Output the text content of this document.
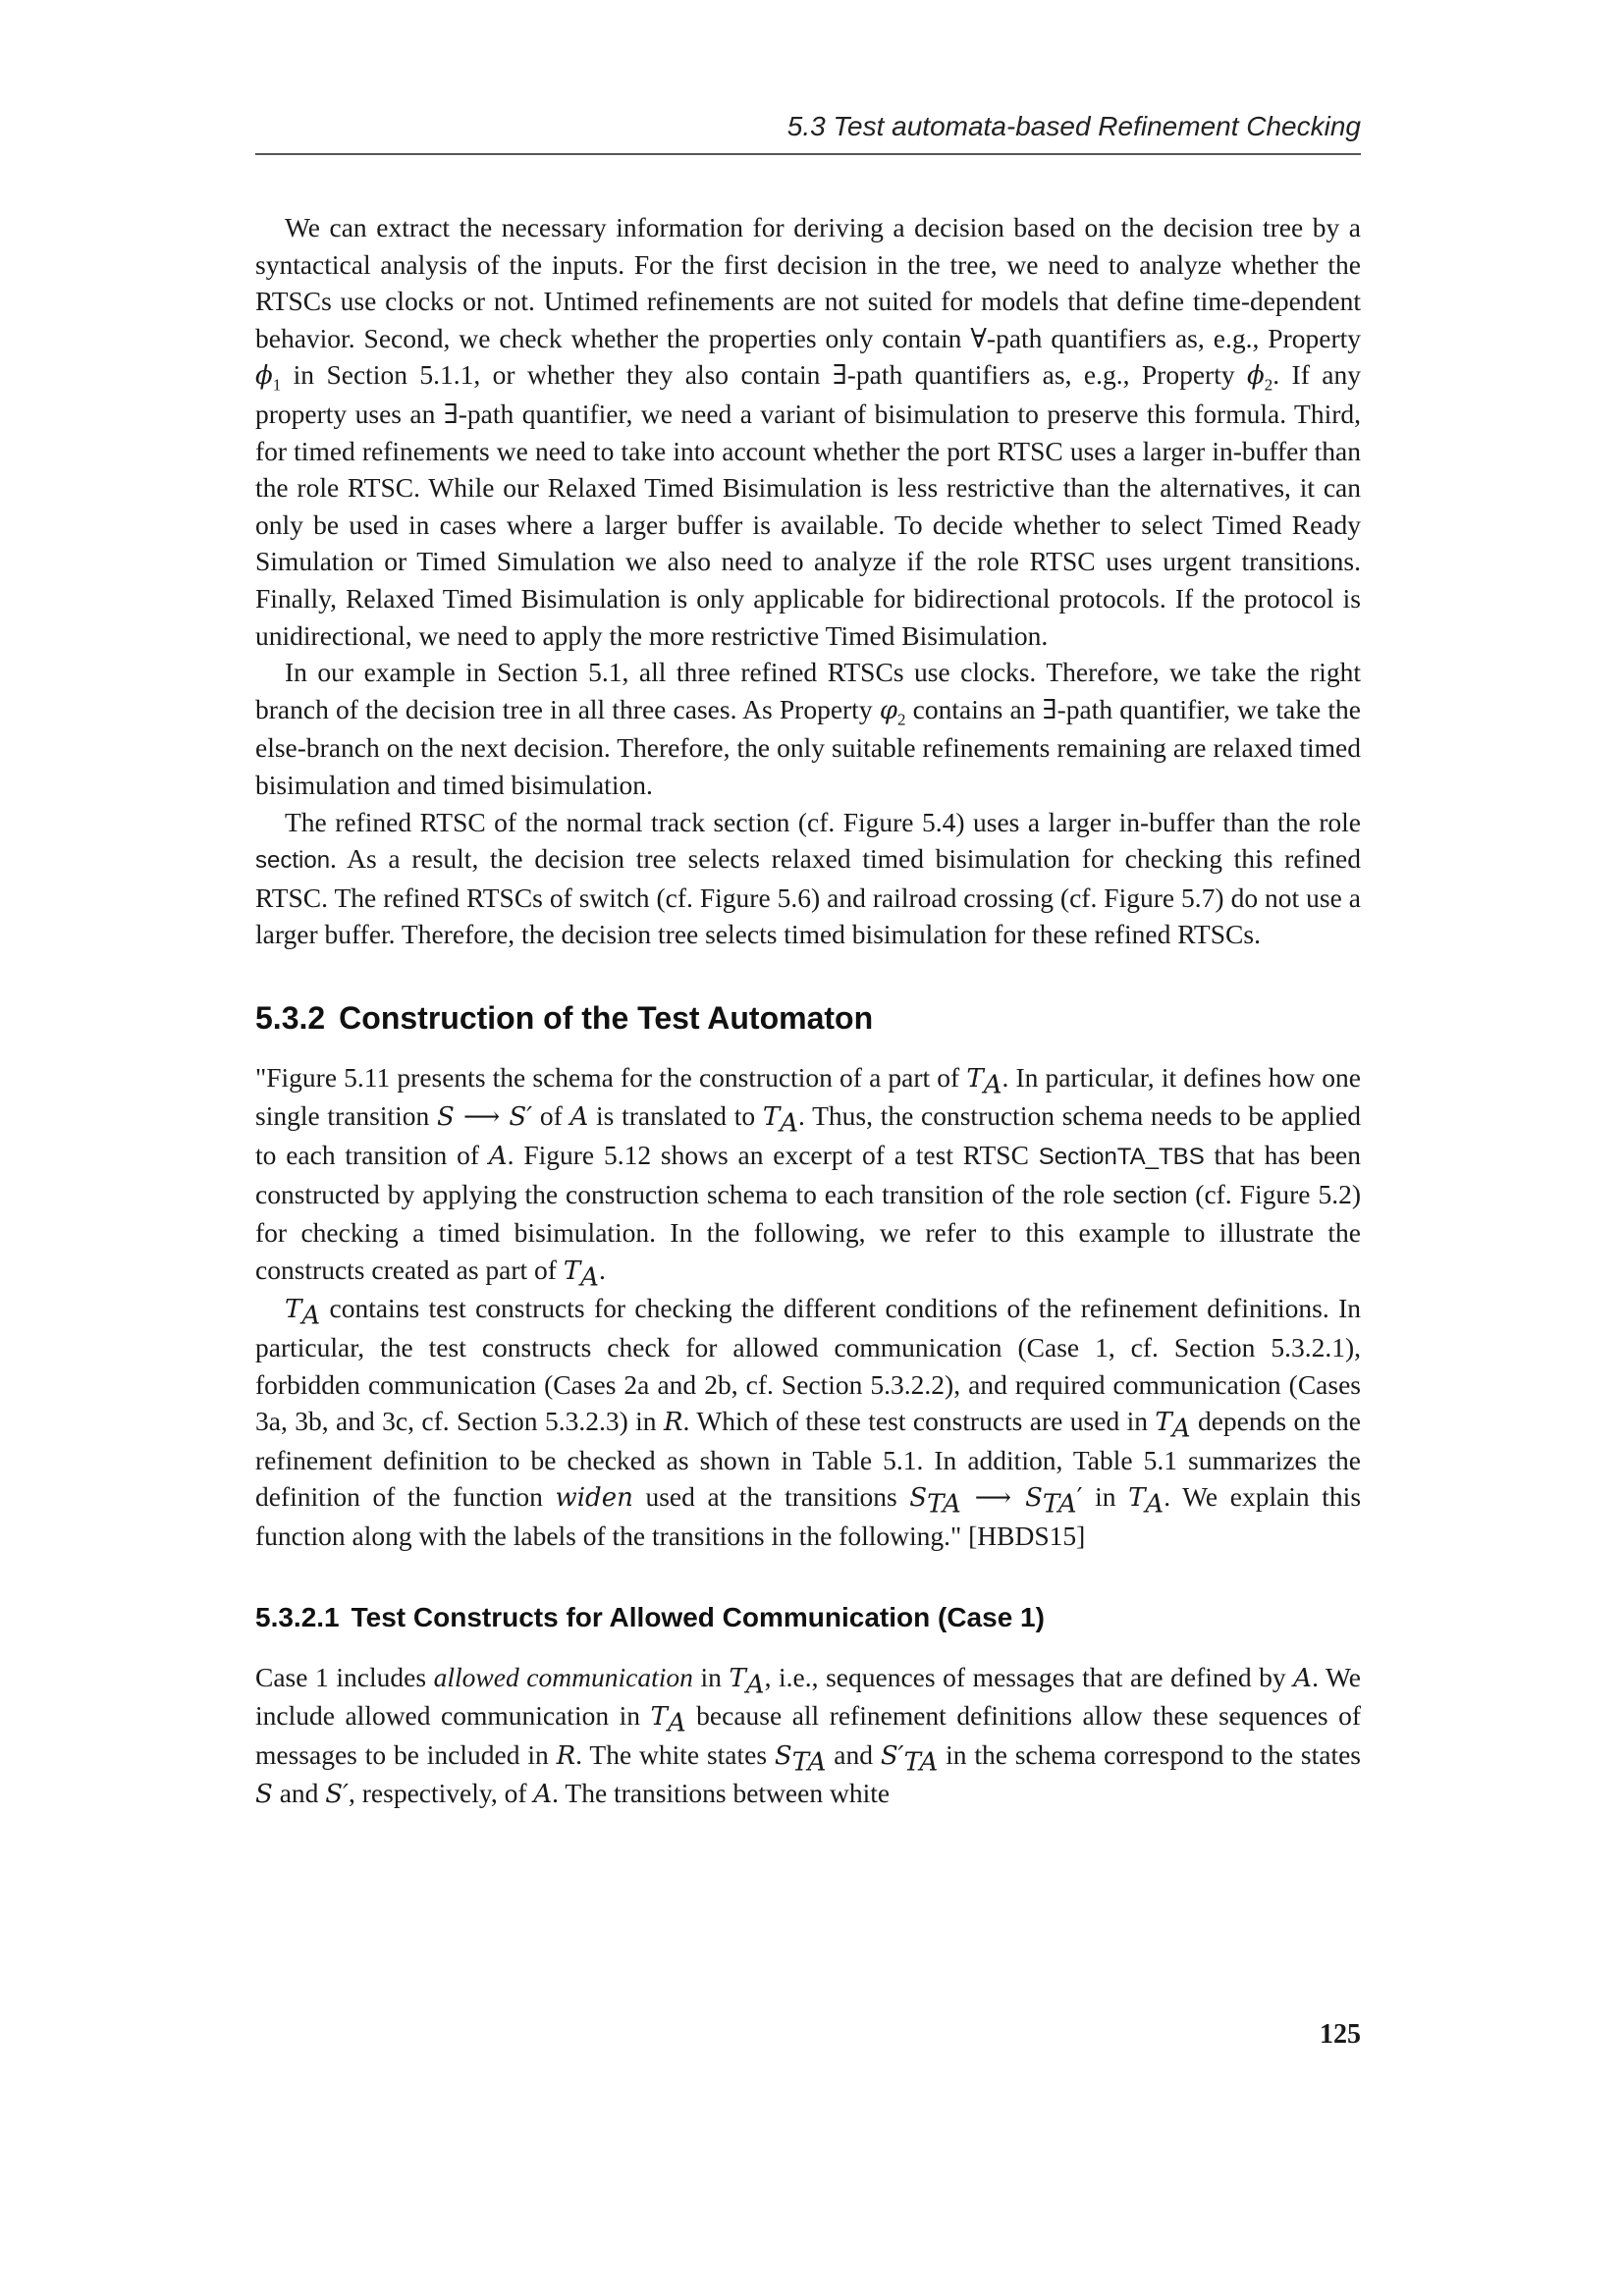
5.3 Test automata-based Refinement Checking

We can extract the necessary information for deriving a decision based on the decision tree by a syntactical analysis of the inputs. For the first decision in the tree, we need to analyze whether the RTSCs use clocks or not. Untimed refinements are not suited for models that define time-dependent behavior. Second, we check whether the properties only contain ∀-path quantifiers as, e.g., Property $\phi_1$ in Section 5.1.1, or whether they also contain ∃-path quantifiers as, e.g., Property $\phi_2$. If any property uses an ∃-path quantifier, we need a variant of bisimulation to preserve this formula. Third, for timed refinements we need to take into account whether the port RTSC uses a larger in-buffer than the role RTSC. While our Relaxed Timed Bisimulation is less restrictive than the alternatives, it can only be used in cases where a larger buffer is available. To decide whether to select Timed Ready Simulation or Timed Simulation we also need to analyze if the role RTSC uses urgent transitions. Finally, Relaxed Timed Bisimulation is only applicable for bidirectional protocols. If the protocol is unidirectional, we need to apply the more restrictive Timed Bisimulation.

In our example in Section 5.1, all three refined RTSCs use clocks. Therefore, we take the right branch of the decision tree in all three cases. As Property $\varphi_2$ contains an ∃-path quantifier, we take the else-branch on the next decision. Therefore, the only suitable refinements remaining are relaxed timed bisimulation and timed bisimulation.

The refined RTSC of the normal track section (cf. Figure 5.4) uses a larger in-buffer than the role section. As a result, the decision tree selects relaxed timed bisimulation for checking this refined RTSC. The refined RTSCs of switch (cf. Figure 5.6) and railroad crossing (cf. Figure 5.7) do not use a larger buffer. Therefore, the decision tree selects timed bisimulation for these refined RTSCs.

5.3.2 Construction of the Test Automaton

"Figure 5.11 presents the schema for the construction of a part of $T_A$. In particular, it defines how one single transition S ⟶ S′ of A is translated to $T_A$. Thus, the construction schema needs to be applied to each transition of A. Figure 5.12 shows an excerpt of a test RTSC SectionTA_TBS that has been constructed by applying the construction schema to each transition of the role section (cf. Figure 5.2) for checking a timed bisimulation. In the following, we refer to this example to illustrate the constructs created as part of $T_A$.

$T_A$ contains test constructs for checking the different conditions of the refinement definitions. In particular, the test constructs check for allowed communication (Case 1, cf. Section 5.3.2.1), forbidden communication (Cases 2a and 2b, cf. Section 5.3.2.2), and required communication (Cases 3a, 3b, and 3c, cf. Section 5.3.2.3) in R. Which of these test constructs are used in $T_A$ depends on the refinement definition to be checked as shown in Table 5.1. In addition, Table 5.1 summarizes the definition of the function widen used at the transitions $S_{TA}$ ⟶ $S_{TA}'$ in $T_A$. We explain this function along with the labels of the transitions in the following." [HBDS15]

5.3.2.1 Test Constructs for Allowed Communication (Case 1)

Case 1 includes allowed communication in $T_A$, i.e., sequences of messages that are defined by A. We include allowed communication in $T_A$ because all refinement definitions allow these sequences of messages to be included in R. The white states $S_{TA}$ and $S'_{TA}$ in the schema correspond to the states S and S′, respectively, of A. The transitions between white

125
